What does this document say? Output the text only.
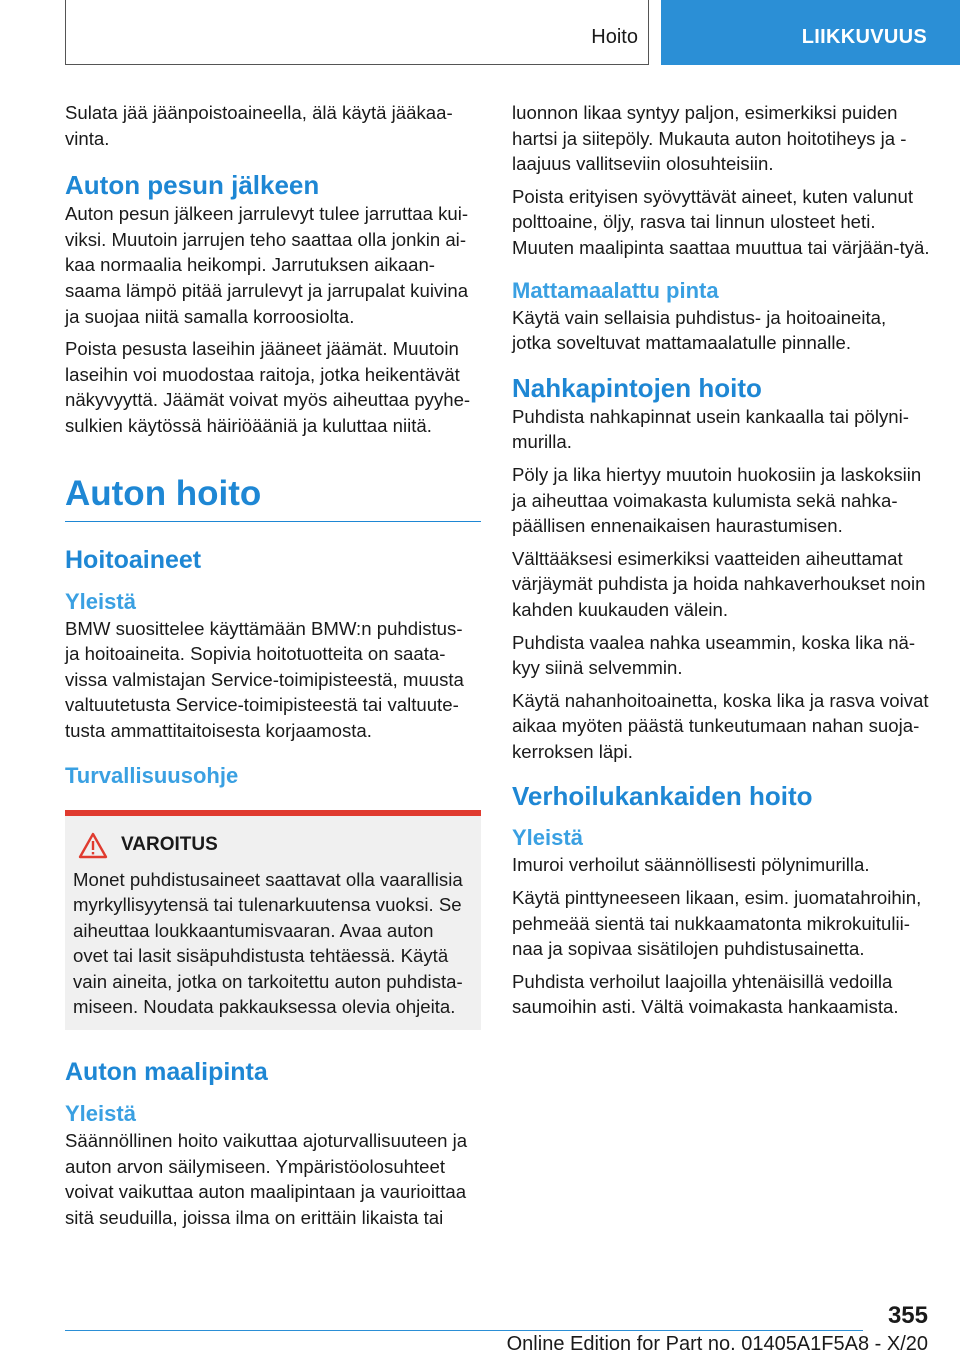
Hoito	LIIKKUVUUS

Sulata jää jäänpoistoaineella, älä käytä jääkaa-vinta.

Auton pesun jälkeen

Auton pesun jälkeen jarrulevyt tulee jarruttaa kui-viksi. Muutoin jarrujen teho saattaa olla jonkin ai-kaa normaalia heikompi. Jarrutuksen aikaan-saama lämpö pitää jarrulevyt ja jarrupalat kuivina ja suojaa niitä samalla korroosiolta.

Poista pesusta laseihin jääneet jäämät. Muutoin laseihin voi muodostaa raitoja, jotka heikentävät näkyvyyttä. Jäämät voivat myös aiheuttaa pyyhe-sulkien käytössä häiriöääniä ja kuluttaa niitä.

Auton hoito
Hoitoaineet
Yleistä

BMW suosittelee käyttämään BMW:n puhdistus- ja hoitoaineita. Sopivia hoitotuotteita on saata-vissa valmistajan Service-toimipisteestä, muusta valtuutetusta Service-toimipisteestä tai valtuute-tusta ammattitaitoisesta korjaamosta.

Turvallisuusohje
VAROITUS

Monet puhdistusaineet saattavat olla vaarallisia myrkyllisyytensä tai tulenarkuutensa vuoksi. Se aiheuttaa loukkaantumisvaaran. Avaa auton ovet tai lasit sisäpuhdistusta tehtäessä. Käytä vain aineita, jotka on tarkoitettu auton puhdista-miseen. Noudata pakkauksessa olevia ohjeita.

Auton maalipinta
Yleistä

Säännöllinen hoito vaikuttaa ajoturvallisuuteen ja auton arvon säilymiseen. Ympäristöolosuhteet voivat vaikuttaa auton maalipintaan ja vaurioittaa sitä seuduilla, joissa ilma on erittäin likaista tai

luonnon likaa syntyy paljon, esimerkiksi puiden hartsi ja siitepöly. Mukauta auton hoitotiheys ja -laajuus vallitseviin olosuhteisiin.

Poista erityisen syövyttävät aineet, kuten valunut polttoaine, öljy, rasva tai linnun ulosteet heti. Muuten maalipinta saattaa muuttua tai värjään-tyä.

Mattamaalattu pinta

Käytä vain sellaisia puhdistus- ja hoitoaineita, jotka soveltuvat mattamaalatulle pinnalle.

Nahkapintojen hoito

Puhdista nahkapinnat usein kankaalla tai pölyni-murilla.

Pöly ja lika hiertyy muutoin huokosiin ja laskoksiin ja aiheuttaa voimakasta kulumista sekä nahka-päällisen ennenaikaisen haurastumisen.

Välttääksesi esimerkiksi vaatteiden aiheuttamat värjäymät puhdista ja hoida nahkaverhoukset noin kahden kuukauden välein.

Puhdista vaalea nahka useammin, koska lika nä-kyy siinä selvemmin.

Käytä nahanhoitoainetta, koska lika ja rasva voivat aikaa myöten päästä tunkeutumaan nahan suoja-kerroksen läpi.

Verhoilukankaiden hoito
Yleistä

Imuroi verhoilut säännöllisesti pölynimurilla.

Käytä pinttyneeseen likaan, esim. juomatahroihin, pehmeää sientä tai nukkaamatonta mikrokuitulii-naa ja sopivaa sisätilojen puhdistusainetta.

Puhdista verhoilut laajoilla yhtenäisillä vedoilla saumoihin asti. Vältä voimakasta hankaamista.

355
Online Edition for Part no. 01405A1F5A8 - X/20
